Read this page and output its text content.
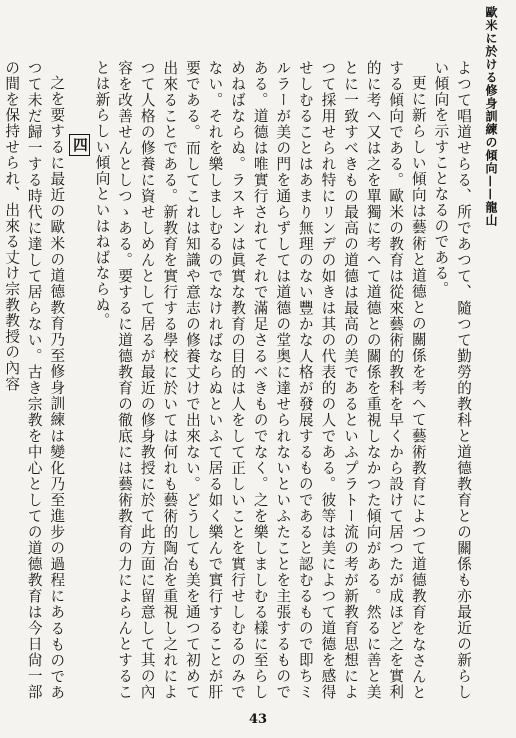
歐米に於ける修身訓練の傾向——龍山

よつて唱道せらる、所であつて、隨つて勤勞的教科と道德教育との關係も亦最近の新らしい傾向を示すことなるのである。

更に新らしい傾向は藝術と道德との關係を考へて藝術教育によつて道德教育をなさんとする傾向である。歐米の教育は從來藝術的教科を早くから設けて居つたが成ほど之を實利的に考へ又は之を單獨に考へて道德との關係を重視しなかつた傾向がある。然るに善と美とに一致すべきもの最高の道德は最高の美であるといふプラトー流の考が新教育思想によつて採用せられ特にリンデの如きは其の代表的の人である。彼等は美によつて道德を感得せしむることはあまり無理のない豐かな人格が發展するものであると認むるもので即ちミルラーが美の門を通らずしては道德の堂奥に達せられないといふたことを主張するものである。道德は唯實行されてそれで滿足さるべきものでなく。之を樂しましむる樣に至らしめねばならぬ。ラスキンは眞實な教育の目的は人をして正しいことを實行せしむるのみでない。それを樂しましむるのでなければならぬといふて居る如く樂んで實行することが肝要である。而してこれは知識や意志の修養丈けで出來ない。どうしても美を通つて初めて出來ることである。新教育を實行する學校に於いては何れも藝術的陶冶を重視し之れによつて人格の修養に資せしめんとして居るが最近の修身教授に於て此方面に留意して其の內容を改善せんとしつゝある。要するに道德教育の徹底には藝術教育の力によらんとすることは新らしい傾向といはねばならぬ。

四

之を要するに最近の歐米の道德教育乃至修身訓練は變化乃至進步の過程にあるものであつて未だ歸一する時代に達して居らない。古き宗教を中心としての道德教育は今日尙一部の間を保持せられ、出來る丈け宗教教授の內容

43
